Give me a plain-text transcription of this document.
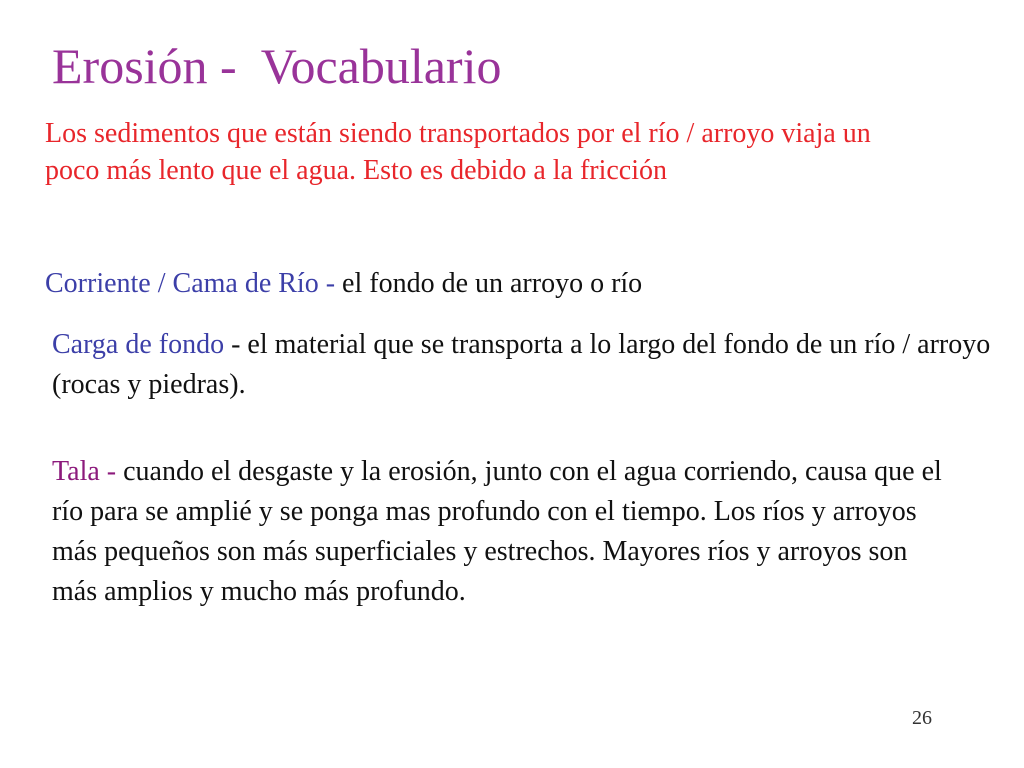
Erosión -  Vocabulario
Los sedimentos que están siendo transportados por el río / arroyo viaja un poco más lento que el agua. Esto es debido a la fricción
Corriente / Cama de Río - el fondo de un arroyo o río
Carga de fondo - el material que se transporta a lo largo del fondo de un río / arroyo (rocas y piedras).
Tala - cuando el desgaste y la erosión, junto con el agua corriendo, causa que el río para se amplié y se ponga mas profundo con el tiempo. Los ríos y arroyos más pequeños son más superficiales y estrechos. Mayores ríos y arroyos son más amplios y mucho más profundo.
26
